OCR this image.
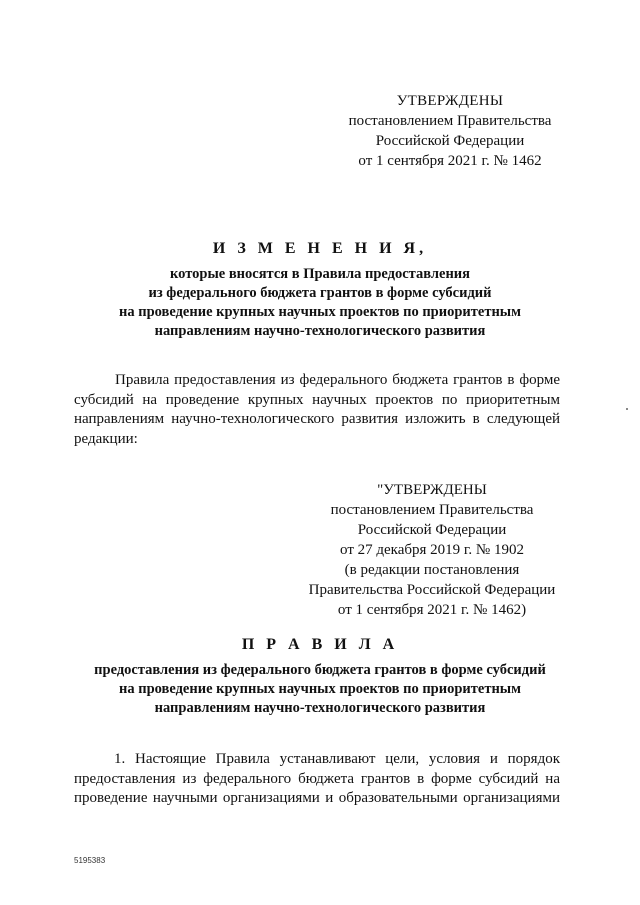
УТВЕРЖДЕНЫ
постановлением Правительства
Российской Федерации
от 1 сентября 2021 г. № 1462
И З М Е Н Е Н И Я,
которые вносятся в Правила предоставления
из федерального бюджета грантов в форме субсидий
на проведение крупных научных проектов по приоритетным
направлениям научно-технологического развития
Правила предоставления из федерального бюджета грантов в форме
субсидий на проведение крупных научных проектов по приоритетным
направлениям научно-технологического развития изложить в следующей
редакции:
"УТВЕРЖДЕНЫ
постановлением Правительства
Российской Федерации
от 27 декабря 2019 г. № 1902
(в редакции постановления
Правительства Российской Федерации
от 1 сентября 2021 г. № 1462)
П Р А В И Л А
предоставления из федерального бюджета грантов в форме субсидий
на проведение крупных научных проектов по приоритетным
направлениям научно-технологического развития
1. Настоящие Правила устанавливают цели, условия и порядок
предоставления из федерального бюджета грантов в форме субсидий на
проведение научными организациями и образовательными организациями
5195383
